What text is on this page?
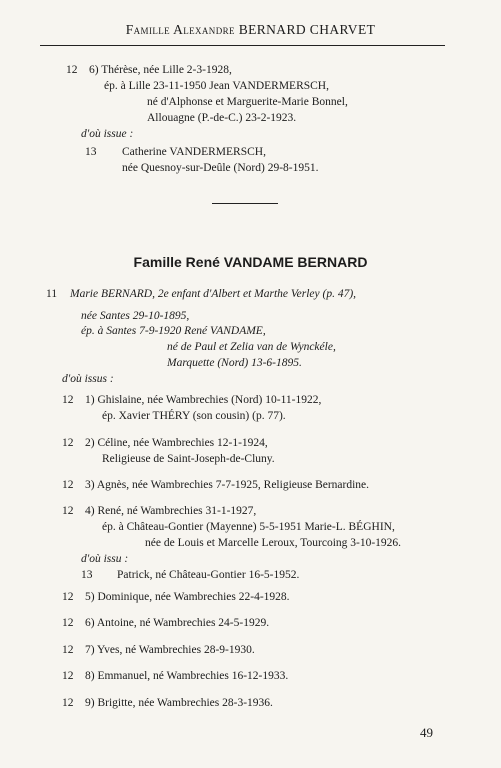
Famille Alexandre BERNARD CHARVET
12 6) Thérèse, née Lille 2-3-1928,
ép. à Lille 23-11-1950 Jean VANDERMERSCH,
né d'Alphonse et Marguerite-Marie Bonnel,
Allouagne (P.-de-C.) 23-2-1923.
d'où issue :
13 Catherine VANDERMERSCH,
née Quesnoy-sur-Deûle (Nord) 29-8-1951.
Famille René VANDAME BERNARD
11 Marie BERNARD, 2e enfant d'Albert et Marthe Verley (p. 47),
née Santes 29-10-1895,
ép. à Santes 7-9-1920 René VANDAME,
né de Paul et Zelia van de Wynckéle,
Marquette (Nord) 13-6-1895.
d'où issus :
12 1) Ghislaine, née Wambrechies (Nord) 10-11-1922,
ép. Xavier THÉRY (son cousin) (p. 77).
12 2) Céline, née Wambrechies 12-1-1924,
Religieuse de Saint-Joseph-de-Cluny.
12 3) Agnès, née Wambrechies 7-7-1925, Religieuse Bernardine.
12 4) René, né Wambrechies 31-1-1927,
ép. à Château-Gontier (Mayenne) 5-5-1951 Marie-L. BÉGHIN,
née de Louis et Marcelle Leroux, Tourcoing 3-10-1926.
d'où issu :
13 Patrick, né Château-Gontier 16-5-1952.
12 5) Dominique, née Wambrechies 22-4-1928.
12 6) Antoine, né Wambrechies 24-5-1929.
12 7) Yves, né Wambrechies 28-9-1930.
12 8) Emmanuel, né Wambrechies 16-12-1933.
12 9) Brigitte, née Wambrechies 28-3-1936.
49
